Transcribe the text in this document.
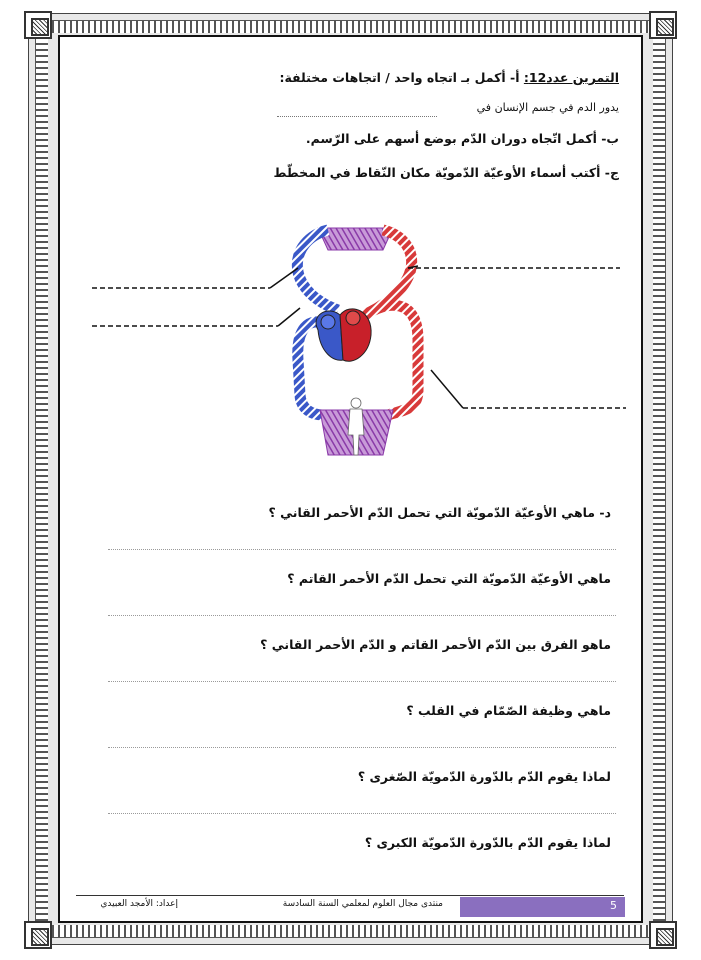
التمرين عدد12: أ- أكمل بـ اتجاه واحد / اتجاهات مختلفة:
يدور الدم في جسم الإنسان في
ب- أكمل اتّجاه دوران الدّم بوضع أسهم على الرّسم.
ج- أكتب أسماء الأوعيّة الدّمويّة مكان النّقاط في المخطّط
د- ماهي الأوعيّة الدّمويّة التي تحمل الدّم الأحمر القاني ؟
ماهي الأوعيّة الدّمويّة التي تحمل الدّم الأحمر القاتم ؟
ماهو الفرق بين الدّم الأحمر القاتم و الدّم الأحمر القاني ؟
ماهي وظيفة الصّمّام في القلب ؟
لماذا يقوم الدّم بالدّورة الدّمويّة الصّغرى ؟
لماذا يقوم الدّم بالدّورة الدّمويّة الكبرى ؟
منتدى مجال العلوم لمعلمي السنة السادسة
إعداد: الأمجد العبيدي	5
